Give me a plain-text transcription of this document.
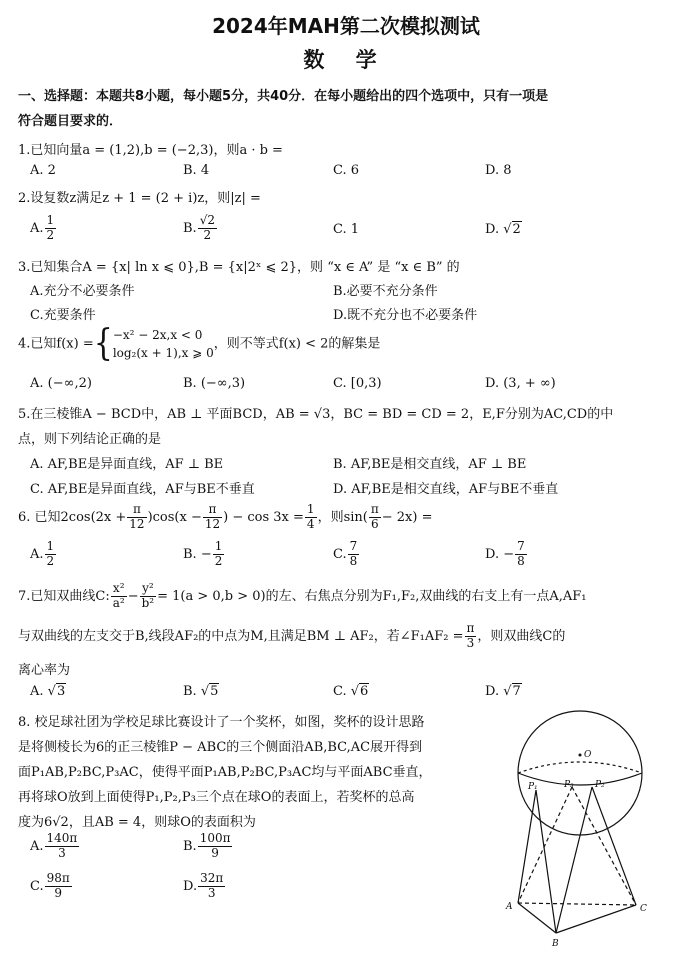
2024年MAH第二次模拟测试
数 学
一、选择题：本题共8小题，每小题5分，共40分．在每小题给出的四个选项中，只有一项是
符合题目要求的．
1.已知向量a = (1,2),b = (−2,3)，则a · b =
A. 2	B. 4	C. 6	D. 8
2.设复数z满足z + 1 = (2 + i)z，则|z| =
A. $\frac{1}{2}$	B. $\frac{√2}{2}$	C. 1	D. √2
3.已知集合A = {x| ln x ⩽ 0},B = {x|2ˣ ⩽ 2}，则 “x ∈ A” 是 “x ∈ B” 的
A.充分不必要条件	B.必要不充分条件
C.充要条件	D.既不充分也不必要条件
4.已知f(x) ={ −x² − 2x,x < 0
log₂(x + 1),x ⩾ 0
，则不等式f(x) < 2的解集是
A. (−∞,2)	B. (−∞,3)	C. [0,3)	D. (3, + ∞)
5.在三棱锥A − BCD中，AB ⊥ 平面BCD，AB = √3，BC = BD = CD = 2，E,F分别为AC,CD的中
点，则下列结论正确的是
A. AF,BE是异面直线，AF ⊥ BE	B. AF,BE是相交直线，AF ⊥ BE
C. AF,BE是异面直线，AF与BE不垂直	D. AF,BE是相交直线，AF与BE不垂直
6. 已知$2\cos(2x + \frac{\pi}{12} )\cos(x - \frac{\pi}{12}$ ) − $\cos 3x = \frac{1}{4}$ ，则$\sin( \frac{\pi}{6} - 2x)$ =
A. $\frac{1}{2}$	B. − $\frac{1}{2}$	C. $\frac{7}{8}$	D. − $\frac{7}{8}$
7.已知双曲线C: $\frac{\text{x²}}{\text{a²}} - \frac{\text{y²}}{\text{b²}} = 1(a > 0,b > 0)$的左、右焦点分别为F₁,F₂,双曲线的右支上有一点A,AF₁
与双曲线的左支交于B,线段AF₂的中点为M,且满足BM ⊥ AF₂，若∠F₁AF₂ = $\frac{\pi}{3}$ ，则双曲线C的
离心率为
A. √3	B. √5	C. √6	D. √7
8. 校足球社团为学校足球比赛设计了一个奖杯，如图，奖杯的设计思路
是将侧棱长为6的正三棱锥P − ABC的三个侧面沿AB,BC,AC展开得到
面P₁AB,P₂BC,P₃AC，使得平面P₁AB,P₂BC,P₃AC均与平面ABC垂直，
再将球O放到上面使得P₁,P₂,P₃三个点在球O的表面上，若奖杯的总高
度为6√2，且AB = 4，则球O的表面积为
A. $\frac{140\pi}{3}$	B. $\frac{100\pi}{9}$
C. $\frac{98\pi}{9}$	D. $\frac{32\pi}{3}$
O
P₁	P₃ P₂
A
B
C
